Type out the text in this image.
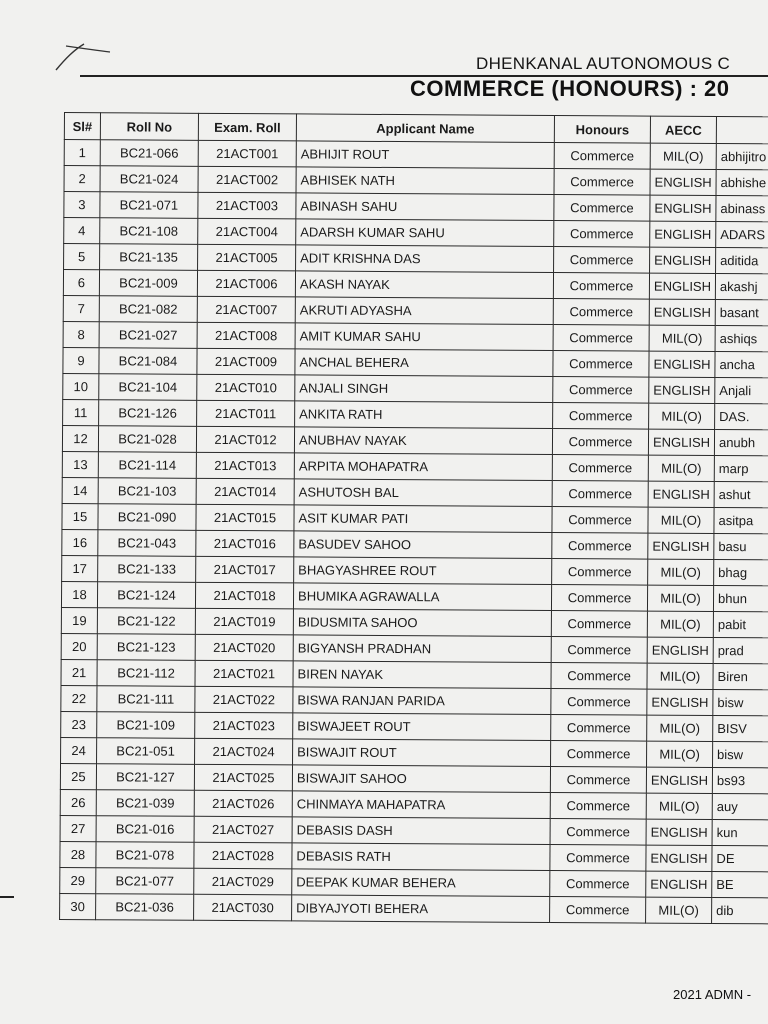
DHENKANAL AUTONOMOUS C
COMMERCE (HONOURS) : 20
Sl#	Roll No	Exam. Roll	Applicant Name	Honours	AECC	
1	BC21-066	21ACT001	ABHIJIT ROUT	Commerce	MIL(O)	abhijitro
2	BC21-024	21ACT002	ABHISEK NATH	Commerce	ENGLISH	abhishe
3	BC21-071	21ACT003	ABINASH SAHU	Commerce	ENGLISH	abinass
4	BC21-108	21ACT004	ADARSH KUMAR SAHU	Commerce	ENGLISH	ADARS
5	BC21-135	21ACT005	ADIT KRISHNA DAS	Commerce	ENGLISH	aditida
6	BC21-009	21ACT006	AKASH NAYAK	Commerce	ENGLISH	akashj
7	BC21-082	21ACT007	AKRUTI ADYASHA	Commerce	ENGLISH	basant
8	BC21-027	21ACT008	AMIT KUMAR SAHU	Commerce	MIL(O)	ashiqs
9	BC21-084	21ACT009	ANCHAL BEHERA	Commerce	ENGLISH	ancha
10	BC21-104	21ACT010	ANJALI SINGH	Commerce	ENGLISH	Anjali
11	BC21-126	21ACT011	ANKITA RATH	Commerce	MIL(O)	DAS.
12	BC21-028	21ACT012	ANUBHAV NAYAK	Commerce	ENGLISH	anubh
13	BC21-114	21ACT013	ARPITA MOHAPATRA	Commerce	MIL(O)	marp
14	BC21-103	21ACT014	ASHUTOSH BAL	Commerce	ENGLISH	ashut
15	BC21-090	21ACT015	ASIT KUMAR PATI	Commerce	MIL(O)	asitpa
16	BC21-043	21ACT016	BASUDEV SAHOO	Commerce	ENGLISH	basu
17	BC21-133	21ACT017	BHAGYASHREE ROUT	Commerce	MIL(O)	bhag
18	BC21-124	21ACT018	BHUMIKA AGRAWALLA	Commerce	MIL(O)	bhun
19	BC21-122	21ACT019	BIDUSMITA SAHOO	Commerce	MIL(O)	pabit
20	BC21-123	21ACT020	BIGYANSH PRADHAN	Commerce	ENGLISH	prad
21	BC21-112	21ACT021	BIREN NAYAK	Commerce	MIL(O)	Biren
22	BC21-111	21ACT022	BISWA RANJAN PARIDA	Commerce	ENGLISH	bisw
23	BC21-109	21ACT023	BISWAJEET ROUT	Commerce	MIL(O)	BISV
24	BC21-051	21ACT024	BISWAJIT ROUT	Commerce	MIL(O)	bisw
25	BC21-127	21ACT025	BISWAJIT SAHOO	Commerce	ENGLISH	bs93
26	BC21-039	21ACT026	CHINMAYA MAHAPATRA	Commerce	MIL(O)	auy
27	BC21-016	21ACT027	DEBASIS DASH	Commerce	ENGLISH	kun
28	BC21-078	21ACT028	DEBASIS RATH	Commerce	ENGLISH	DE
29	BC21-077	21ACT029	DEEPAK KUMAR BEHERA	Commerce	ENGLISH	BE
30	BC21-036	21ACT030	DIBYAJYOTI BEHERA	Commerce	MIL(O)	dib
2021 ADMN -
